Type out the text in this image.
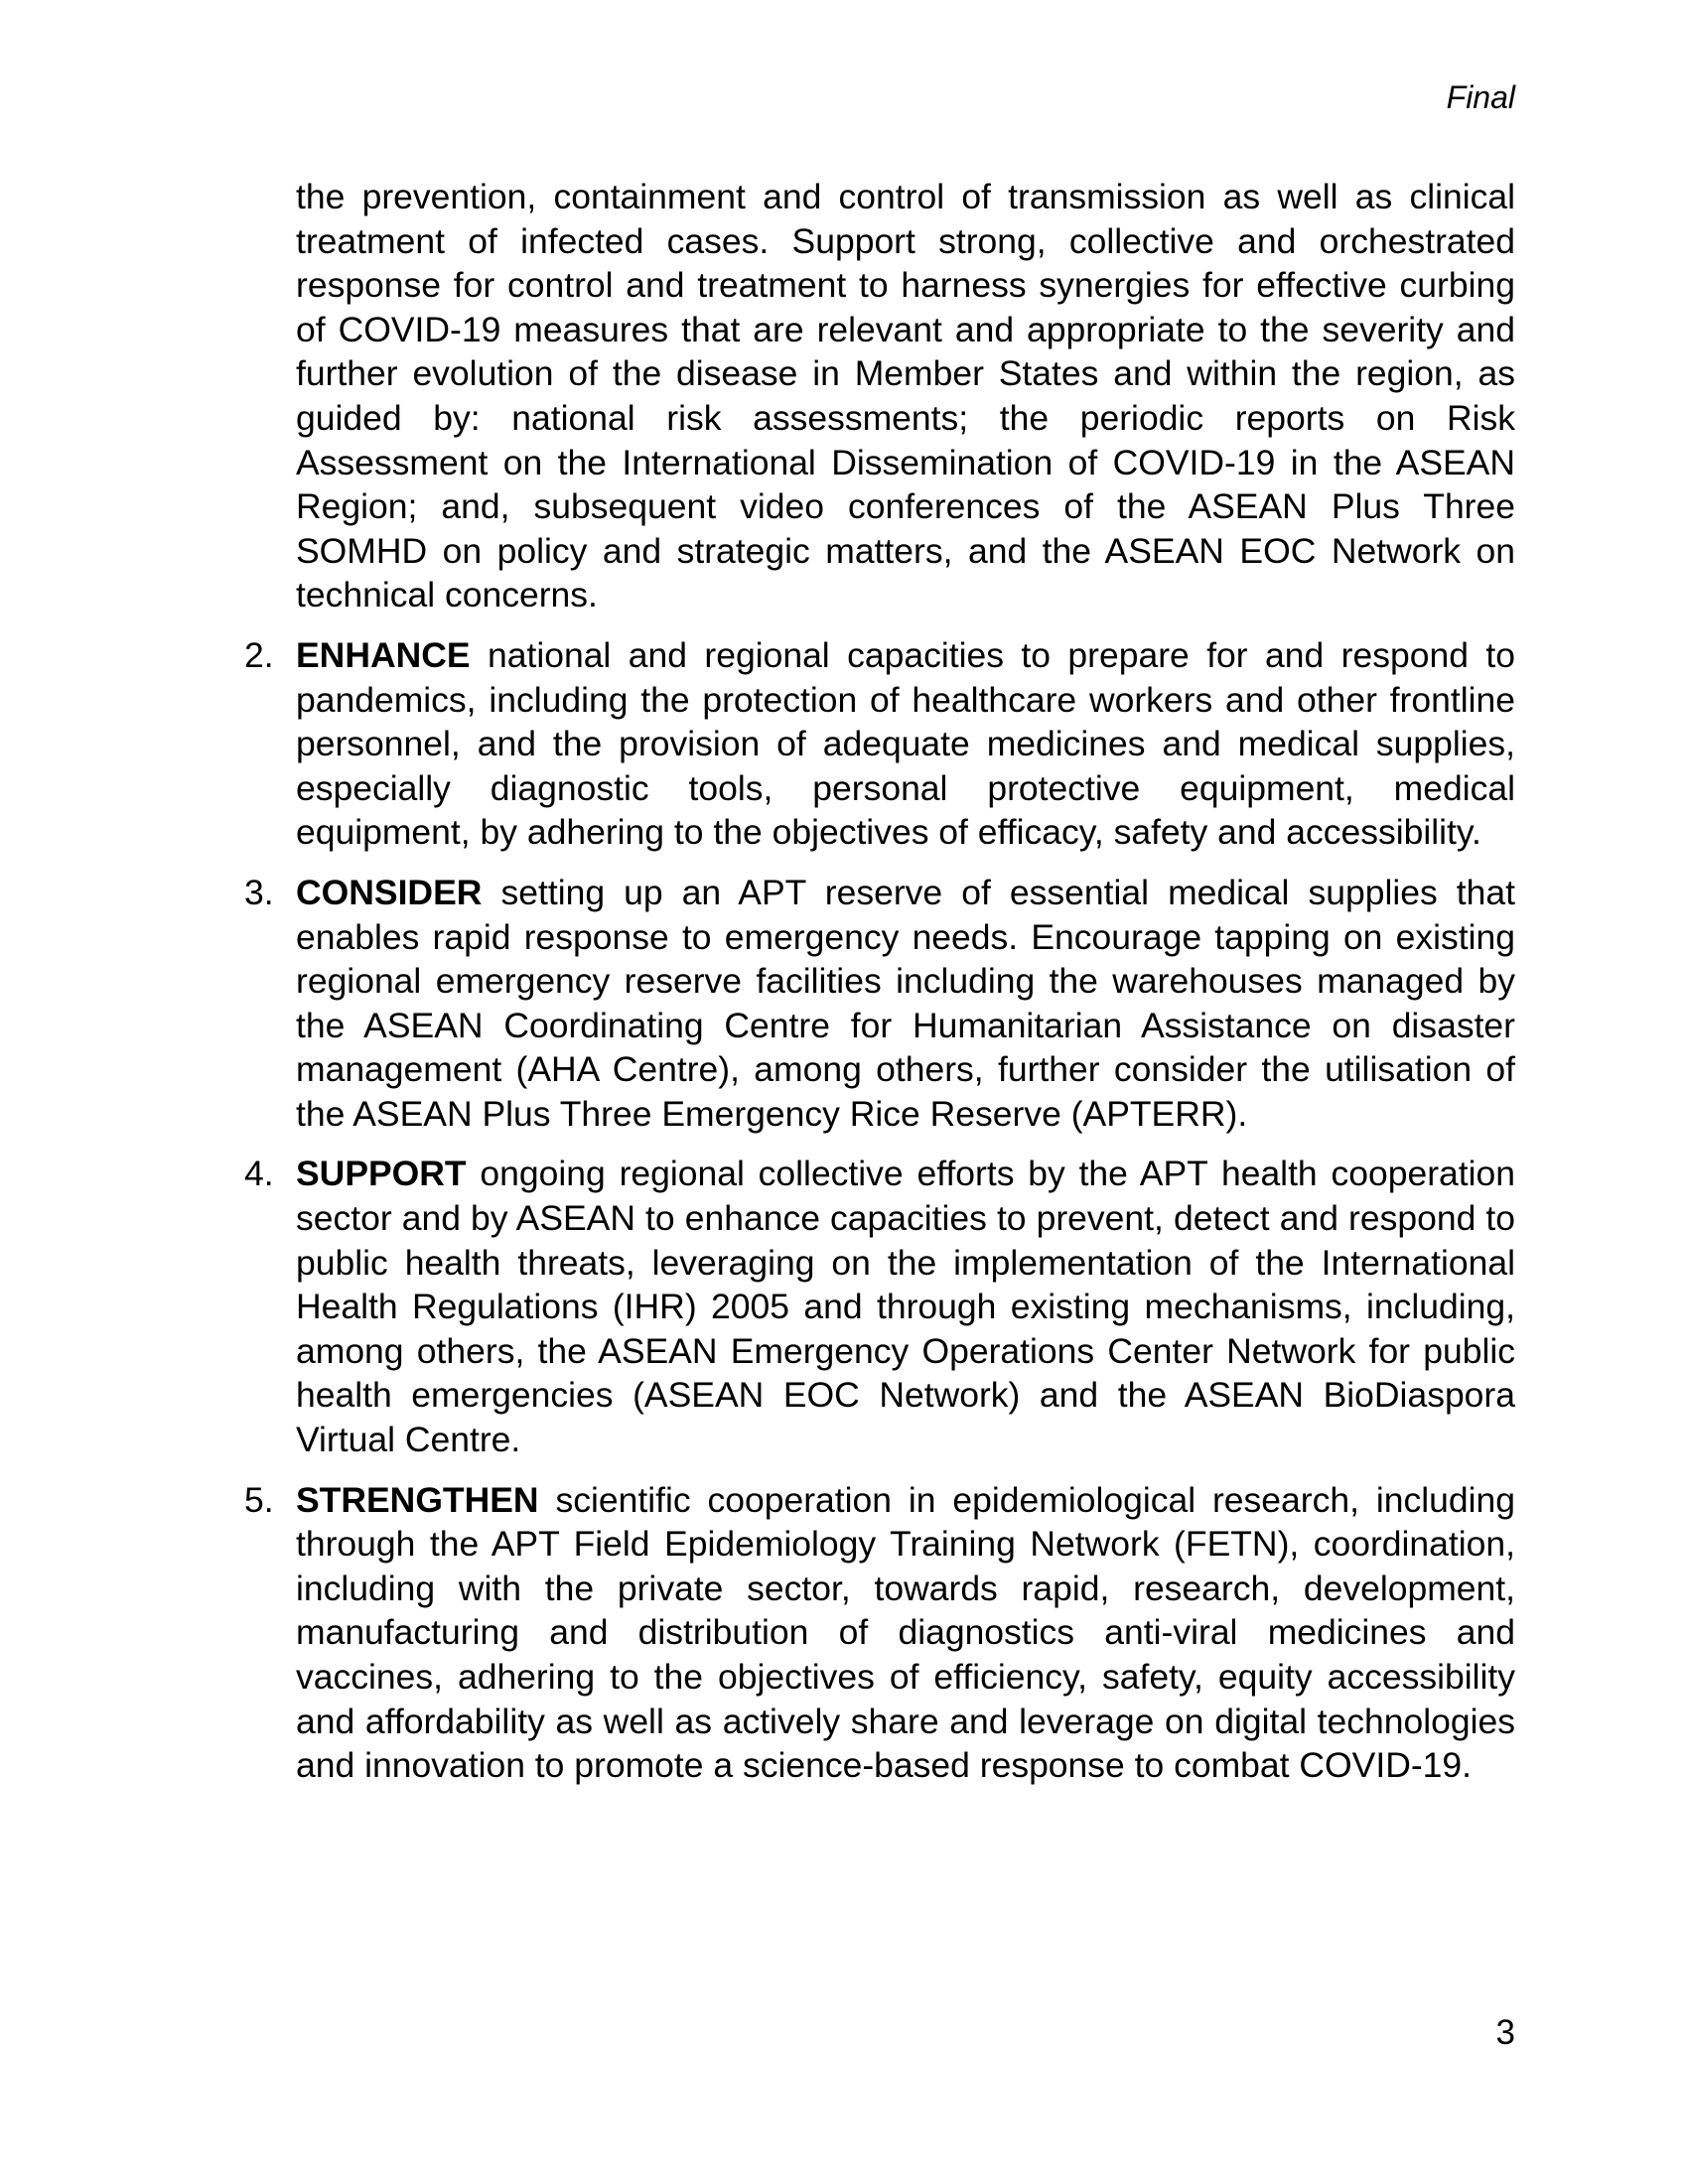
Final

the prevention, containment and control of transmission as well as clinical treatment of infected cases. Support strong, collective and orchestrated response for control and treatment to harness synergies for effective curbing of COVID-19 measures that are relevant and appropriate to the severity and further evolution of the disease in Member States and within the region, as guided by: national risk assessments; the periodic reports on Risk Assessment on the International Dissemination of COVID-19 in the ASEAN Region; and, subsequent video conferences of the ASEAN Plus Three SOMHD on policy and strategic matters, and the ASEAN EOC Network on technical concerns.

2. ENHANCE national and regional capacities to prepare for and respond to pandemics, including the protection of healthcare workers and other frontline personnel, and the provision of adequate medicines and medical supplies, especially diagnostic tools, personal protective equipment, medical equipment, by adhering to the objectives of efficacy, safety and accessibility.
3. CONSIDER setting up an APT reserve of essential medical supplies that enables rapid response to emergency needs. Encourage tapping on existing regional emergency reserve facilities including the warehouses managed by the ASEAN Coordinating Centre for Humanitarian Assistance on disaster management (AHA Centre), among others, further consider the utilisation of the ASEAN Plus Three Emergency Rice Reserve (APTERR).
4. SUPPORT ongoing regional collective efforts by the APT health cooperation sector and by ASEAN to enhance capacities to prevent, detect and respond to public health threats, leveraging on the implementation of the International Health Regulations (IHR) 2005 and through existing mechanisms, including, among others, the ASEAN Emergency Operations Center Network for public health emergencies (ASEAN EOC Network) and the ASEAN BioDiaspora Virtual Centre.
5. STRENGTHEN scientific cooperation in epidemiological research, including through the APT Field Epidemiology Training Network (FETN), coordination, including with the private sector, towards rapid, research, development, manufacturing and distribution of diagnostics anti-viral medicines and vaccines, adhering to the objectives of efficiency, safety, equity accessibility and affordability as well as actively share and leverage on digital technologies and innovation to promote a science-based response to combat COVID-19.
3
